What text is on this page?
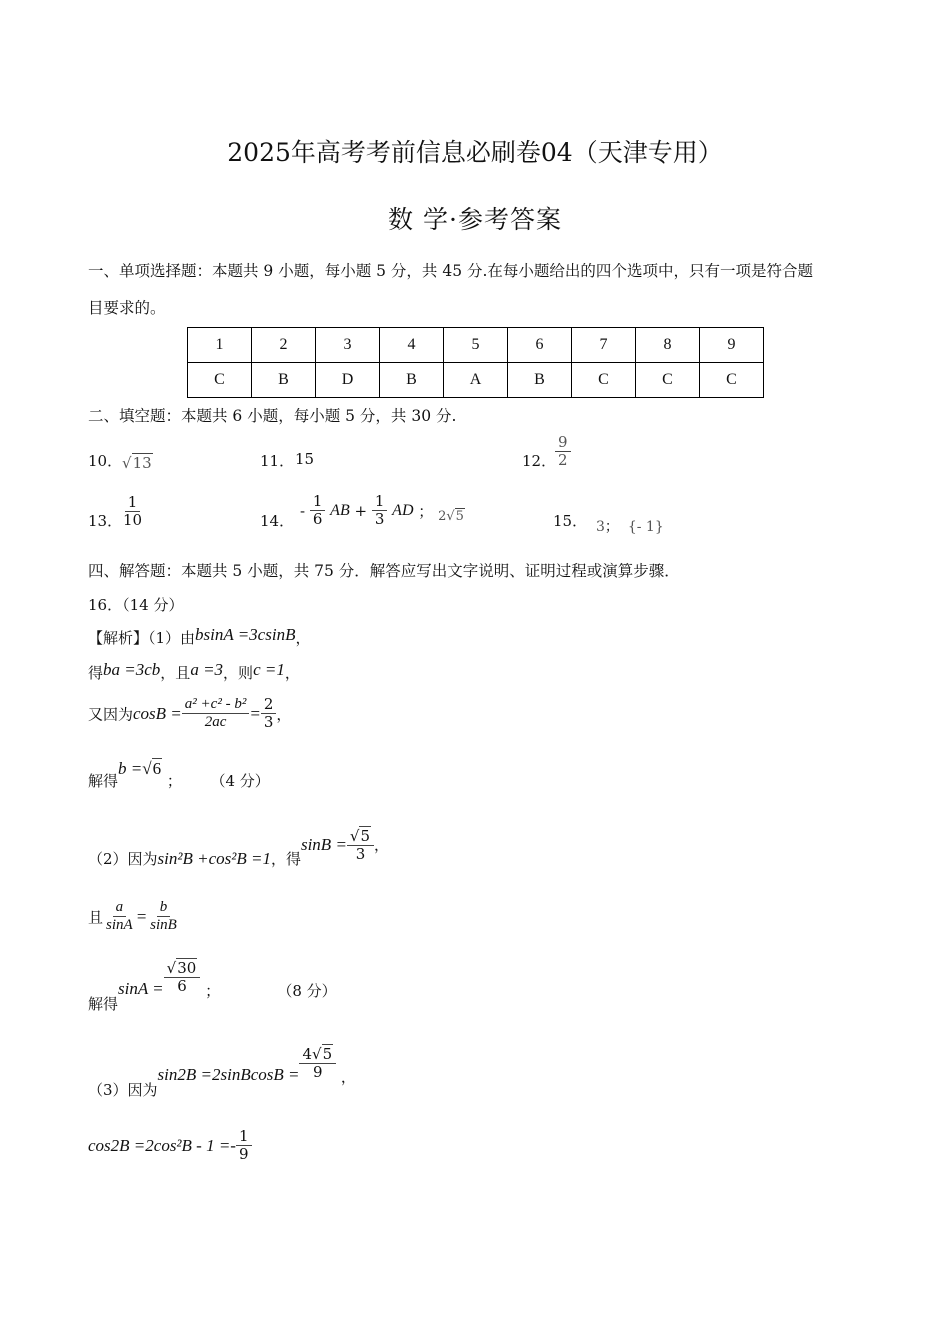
2025年高考考前信息必刷卷04（天津专用）
数 学·参考答案
一、单项选择题：本题共 9 小题，每小题 5 分，共 45 分.在每小题给出的四个选项中，只有一项是符合题
目要求的。
1	2	3	4	5	6	7	8	9
C	B	D	B	A	B	C	C	C
二、填空题：本题共 6 小题，每小题 5 分，共 30 分.
10． √13	11． 15	12．
$\frac{9}{2}$
13．
$\frac{1}{10}$	14．
- $\frac{1}{6}$ AB + $\frac{1}{3}$ AD ； 2√5	15． 3； {- 1}
四、解答题：本题共 5 小题，共 75 分．解答应写出文字说明、证明过程或演算步骤．
16．（14 分）
【解析】（1）由bsinA =3csinB，
得ba =3cb，且a =3，则c =1，
又因为$\cos B = \frac{\text{a² +c² - b²}}{2ac} = \frac{2}{3}$ ，
解得b =√6 ；      （4 分）
（2）因为sin²B +cos²B =1，得$\sin B = \frac{√5}{3}$ ，
且 $\frac{a}{\sin A} = \frac{b}{\sin B}$
解得$\sin A = \frac{√30}{6}$ ；	（8 分）
（3）因为sin2B =2sinBcosB = $\frac{4√5}{9}$ ，
$\cos 2B =2\cos^2B - 1 =- \frac{1}{9}$
